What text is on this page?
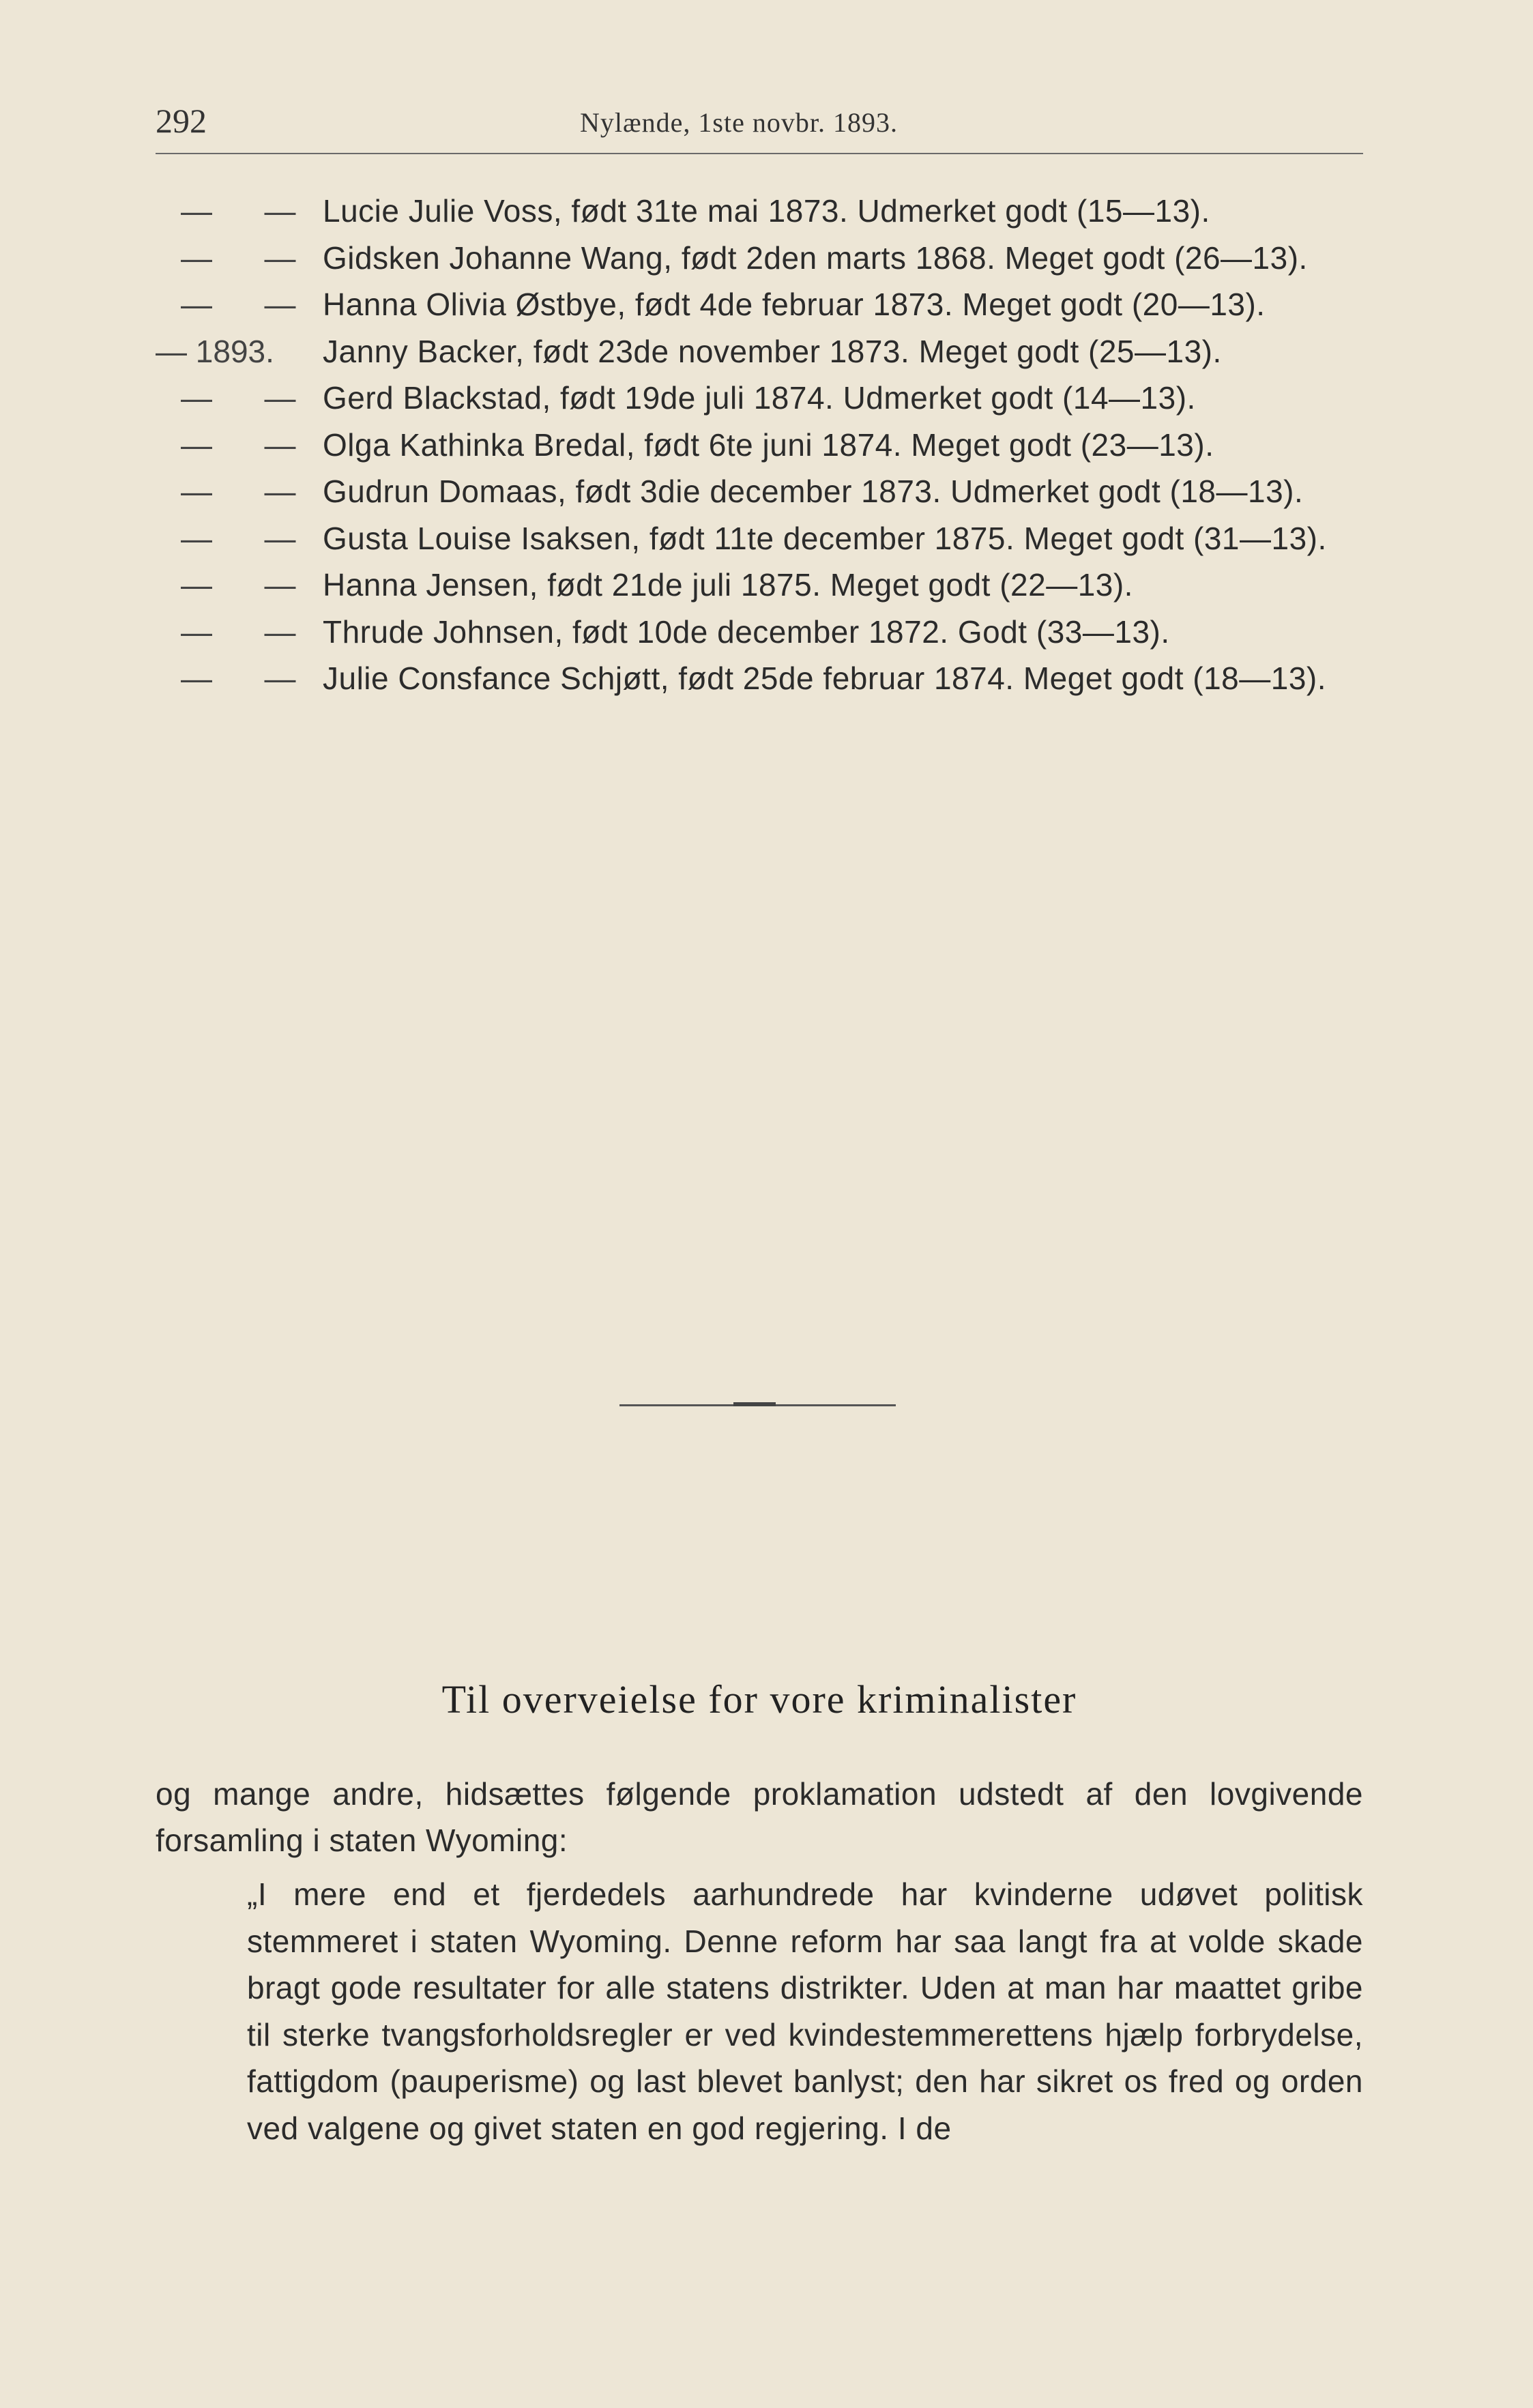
292	Nylænde, 1ste novbr. 1893.
—	— Lucie Julie Voss, født 31te mai 1873. Udmerket godt (15—13).
—	— Gidsken Johanne Wang, født 2den marts 1868. Meget godt (26—13).
—	— Hanna Olivia Østbye, født 4de februar 1873. Meget godt (20—13).
— 1893.	Janny Backer, født 23de november 1873. Meget godt (25—13).
—	— Gerd Blackstad, født 19de juli 1874. Udmerket godt (14—13).
—	— Olga Kathinka Bredal, født 6te juni 1874. Meget godt (23—13).
—	— Gudrun Domaas, født 3die december 1873. Udmerket godt (18—13).
—	— Gusta Louise Isaksen, født 11te december 1875. Meget godt (31—13).
—	— Hanna Jensen, født 21de juli 1875. Meget godt (22—13).
—	— Thrude Johnsen, født 10de december 1872. Godt (33—13).
—	— Julie Consfance Schjøtt, født 25de februar 1874. Meget godt (18—13).
Til overveielse for vore kriminalister
og mange andre, hidsættes følgende proklamation udstedt af den lovgivende forsamling i staten Wyoming:
„I mere end et fjerdedels aarhundrede har kvinderne udøvet politisk stemmeret i staten Wyoming. Denne reform har saa langt fra at volde skade bragt gode resultater for alle statens distrikter. Uden at man har maattet gribe til sterke tvangsforholdsregler er ved kvindestemmerettens hjælp forbrydelse, fattigdom (pauperisme) og last blevet banlyst; den har sikret os fred og orden ved valgene og givet staten en god regjering. I de
